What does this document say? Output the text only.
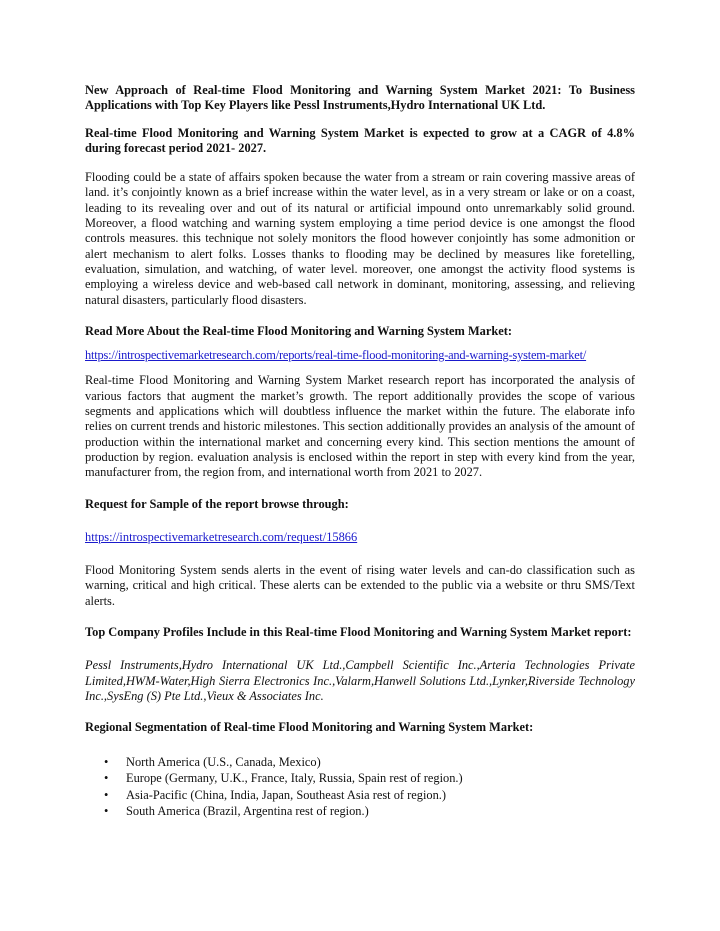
New Approach of Real-time Flood Monitoring and Warning System Market 2021: To Business Applications with Top Key Players like Pessl Instruments,Hydro International UK Ltd.

Real-time Flood Monitoring and Warning System Market is expected to grow at a CAGR of 4.8% during forecast period 2021- 2027.

Flooding could be a state of affairs spoken because the water from a stream or rain covering massive areas of land. it’s conjointly known as a brief increase within the water level, as in a very stream or lake or on a coast, leading to its revealing over and out of its natural or artificial impound onto unremarkably solid ground. Moreover, a flood watching and warning system employing a time period device is one amongst the flood controls measures. this technique not solely monitors the flood however conjointly has some admonition or alert mechanism to alert folks. Losses thanks to flooding may be declined by measures like foretelling, evaluation, simulation, and watching, of water level. moreover, one amongst the activity flood systems is employing a wireless device and web-based call network in dominant, monitoring, assessing, and relieving natural disasters, particularly flood disasters.

Read More About the Real-time Flood Monitoring and Warning System Market:

https://introspectivemarketresearch.com/reports/real-time-flood-monitoring-and-warning-system-market/

Real-time Flood Monitoring and Warning System Market research report has incorporated the analysis of various factors that augment the market’s growth. The report additionally provides the scope of various segments and applications which will doubtless influence the market within the future. The elaborate info relies on current trends and historic milestones. This section additionally provides an analysis of the amount of production within the international market and concerning every kind. This section mentions the amount of production by region. evaluation analysis is enclosed within the report in step with every kind from the year, manufacturer from, the region from, and international worth from 2021 to 2027.

Request for Sample of the report browse through:

https://introspectivemarketresearch.com/request/15866

Flood Monitoring System sends alerts in the event of rising water levels and can-do classification such as warning, critical and high critical. These alerts can be extended to the public via a website or thru SMS/Text alerts.

Top Company Profiles Include in this Real-time Flood Monitoring and Warning System Market report:

Pessl Instruments,Hydro International UK Ltd.,Campbell Scientific Inc.,Arteria Technologies Private Limited,HWM-Water,High Sierra Electronics Inc.,Valarm,Hanwell Solutions Ltd.,Lynker,Riverside Technology Inc.,SysEng (S) Pte Ltd.,Vieux & Associates Inc.

Regional Segmentation of Real-time Flood Monitoring and Warning System Market:

• North America (U.S., Canada, Mexico)
• Europe (Germany, U.K., France, Italy, Russia, Spain rest of region.)
• Asia-Pacific (China, India, Japan, Southeast Asia rest of region.)
• South America (Brazil, Argentina rest of region.)
